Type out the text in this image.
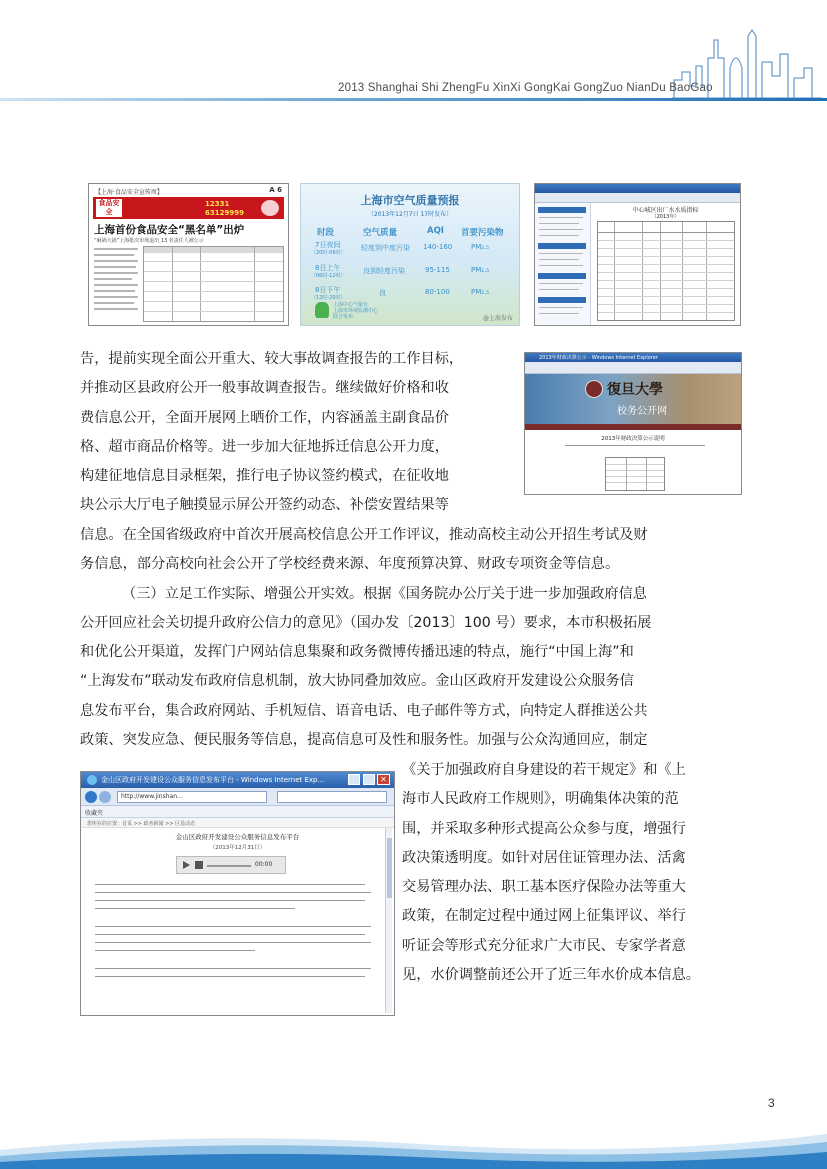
2013 Shanghai Shi ZhengFu XinXi GongKai GongZuo NianDu BaoGao
【上海·食品安全宣传周】	A 6
食品安全
12331
63129999
上海首份食品安全“黑名单”出炉
“砸锅大锅”上海批次市场退出 13 名责任人被公示
上海市空气质量预报
（2013年12月7日 17时发布）
时段	空气质量	AQI 首要污染物
7日夜间
（20时-06时）
轻度到中度污染 140-160	PM₂.₅
8日上午
（06时-12时）
良到轻度污染	95-115	PM₂.₅
8日下午
（12时-20时）
良	80-100	PM₂.₅
上海中心气象台
上海市环境监测中心
联合发布	@上海发布
中心城区出厂水水质指标
（2013年）
2013年财政决算公示 - Windows Internet Explorer
復旦大學
校务公开网
2013年财政决算公示说明
金山区政府开发建设公众服务信息发布平台 - Windows Internet Exp...	✕
http://www.jinshan...
收藏夹
您所在的位置：首页 >> 政务新闻 >> 区县动态
金山区政府开发建设公众服务信息发布平台
（2013年12月31日）
00:00
告，提前实现全面公开重大、较大事故调查报告的工作目标，
并推动区县政府公开一般事故调查报告。继续做好价格和收
费信息公开，全面开展网上晒价工作，内容涵盖主副食品价
格、超市商品价格等。进一步加大征地拆迁信息公开力度，
构建征地信息目录框架，推行电子协议签约模式，在征收地
块公示大厅电子触摸显示屏公开签约动态、补偿安置结果等
信息。在全国省级政府中首次开展高校信息公开工作评议，推动高校主动公开招生考试及财
务信息，部分高校向社会公开了学校经费来源、年度预算决算、财政专项资金等信息。
（三）立足工作实际、增强公开实效。根据《国务院办公厅关于进一步加强政府信息
公开回应社会关切提升政府公信力的意见》（国办发〔2013〕100 号）要求，本市积极拓展
和优化公开渠道，发挥门户网站信息集聚和政务微博传播迅速的特点，施行“中国上海”和
“上海发布”联动发布政府信息机制，放大协同叠加效应。金山区政府开发建设公众服务信
息发布平台，集合政府网站、手机短信、语音电话、电子邮件等方式，向特定人群推送公共
政策、突发应急、便民服务等信息，提高信息可及性和服务性。加强与公众沟通回应，制定
《关于加强政府自身建设的若干规定》和《上
海市人民政府工作规则》，明确集体决策的范
围，并采取多种形式提高公众参与度，增强行
政决策透明度。如针对居住证管理办法、活禽
交易管理办法、职工基本医疗保险办法等重大
政策，在制定过程中通过网上征集评议、举行
听证会等形式充分征求广大市民、专家学者意
见，水价调整前还公开了近三年水价成本信息。
3
